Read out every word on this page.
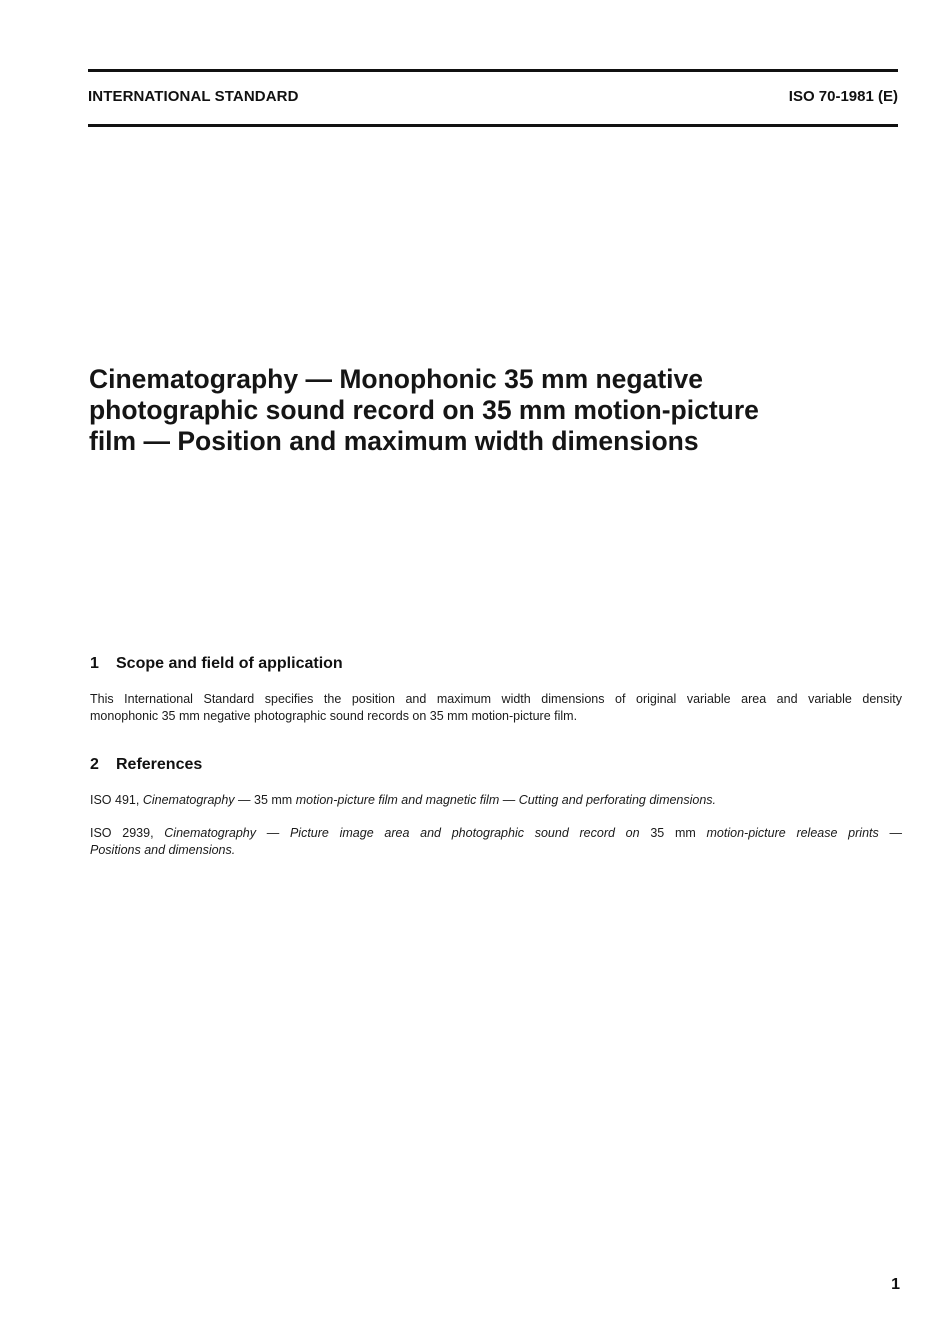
INTERNATIONAL STANDARD	ISO 70-1981 (E)
Cinematography — Monophonic 35 mm negative
photographic sound record on 35 mm motion-picture
film — Position and maximum width dimensions
1 Scope and field of application

This International Standard specifies the position and maximum width dimensions of original variable area and variable density
monophonic 35 mm negative photographic sound records on 35 mm motion-picture film.

2 References

ISO 491, Cinematography — 35 mm motion-picture film and magnetic film — Cutting and perforating dimensions.

ISO 2939, Cinematography — Picture image area and photographic sound record on 35 mm motion-picture release prints —
Positions and dimensions.

1
